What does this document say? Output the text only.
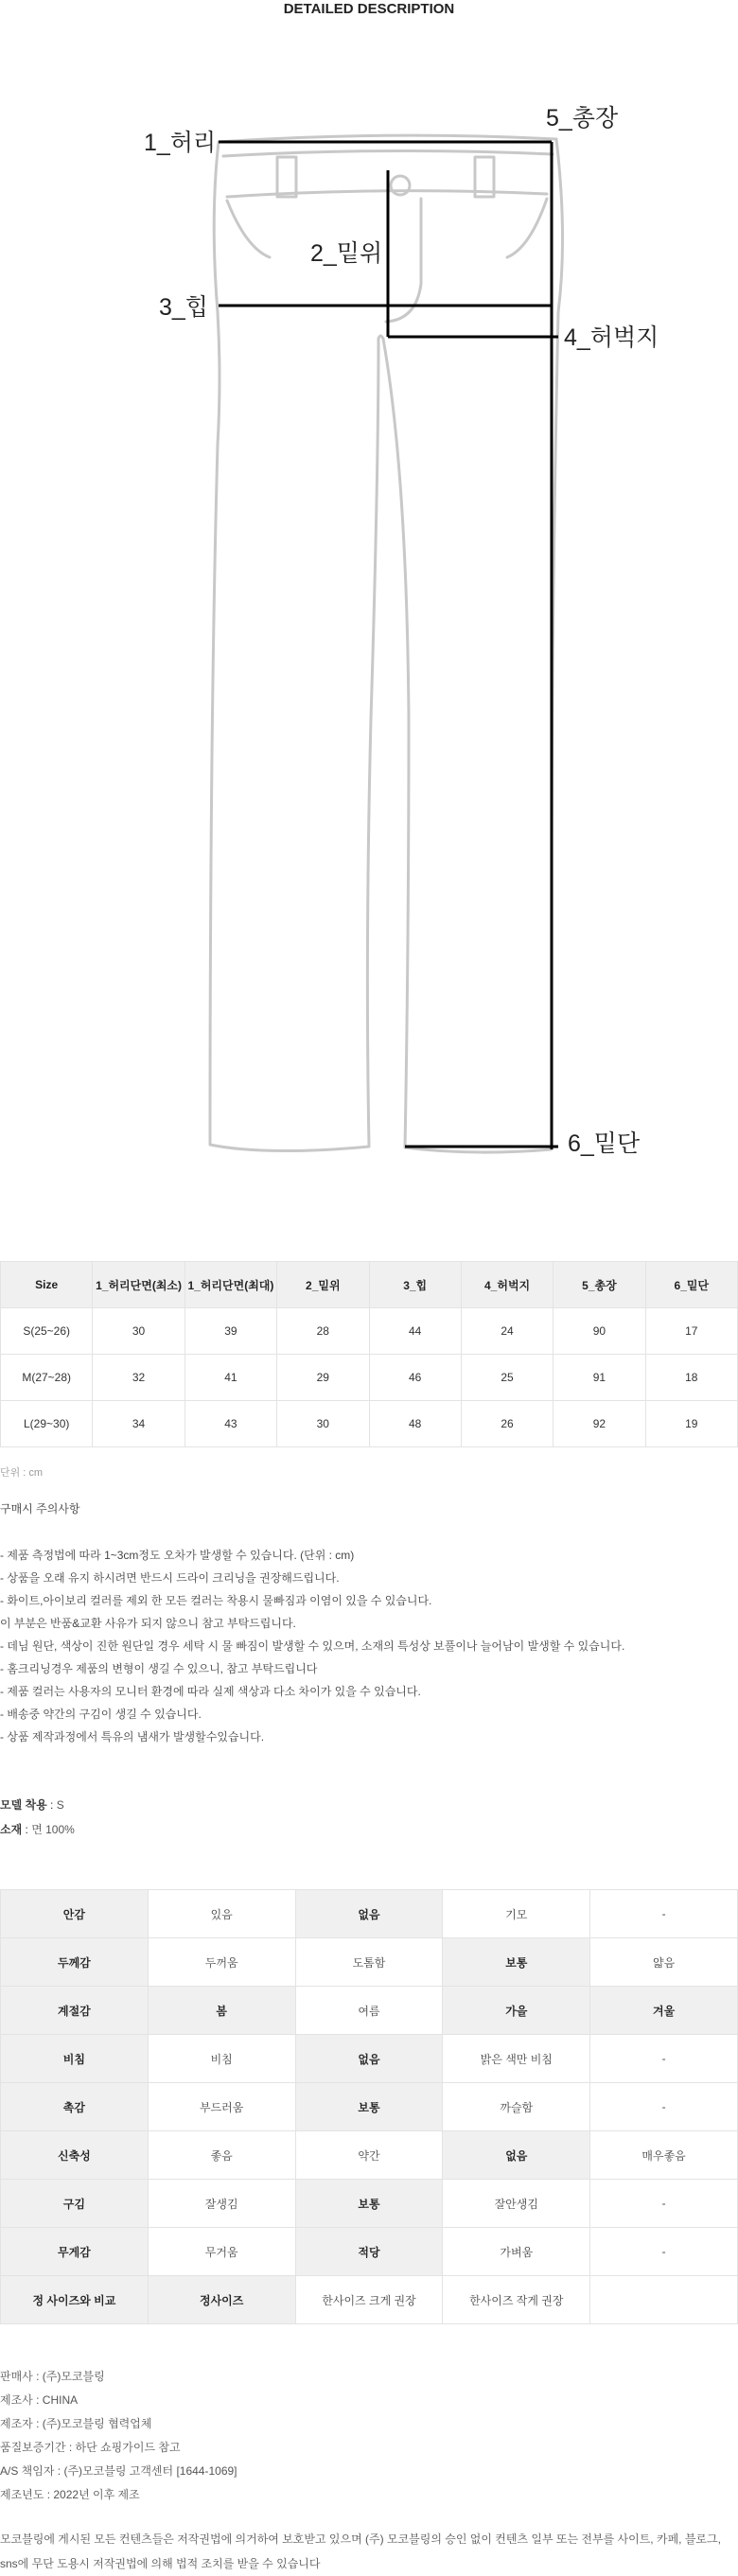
DETAILED DESCRIPTION
1_허리
5_총장
2_밑위
3_힙
4_허벅지
6_밑단
Size	1_허리단면(최소)	1_허리단면(최대)	2_밑위	3_힙	4_허벅지	5_총장	6_밑단
S(25~26)	30	39	28	44	24	90	17
M(27~28)	32	41	29	46	25	91	18
L(29~30)	34	43	30	48	26	92	19
단위 : cm
구매시 주의사항
- 제품 측정법에 따라 1~3cm정도 오차가 발생할 수 있습니다. (단위 : cm)
- 상품을 오래 유지 하시려면 반드시 드라이 크리닝을 권장해드립니다.
- 화이트,아이보리 컬러를 제외 한 모든 컬러는 착용시 물빠짐과 이염이 있을 수 있습니다.
이 부분은 반품&교환 사유가 되지 않으니 참고 부탁드립니다.
- 데님 원단, 색상이 진한 원단일 경우 세탁 시 물 빠짐이 발생할 수 있으며, 소재의 특성상 보풀이나 늘어남이 발생할 수 있습니다.
- 홈크리닝경우 제품의 변형이 생길 수 있으니, 참고 부탁드립니다
- 제품 컬러는 사용자의 모니터 환경에 따라 실제 색상과 다소 차이가 있을 수 있습니다.
- 배송중 약간의 구김이 생길 수 있습니다.
- 상품 제작과정에서 특유의 냄새가 발생할수있습니다.
모델 착용 : S
소재 : 면 100%
안감	있음	없음	기모	-
두께감	두꺼움	도톰함	보통	얇음
계절감	봄	여름	가을	겨울
비침	비침	없음	밝은 색만 비침	-
촉감	부드러움	보통	까슬함	-
신축성	좋음	약간	없음	매우좋음
구김	잘생김	보통	잘안생김	-
무게감	무거움	적당	가벼움	-
정 사이즈와 비교	정사이즈	한사이즈 크게 권장	한사이즈 작게 권장	
판매사 : (주)모코블링
제조사 : CHINA
제조자 : (주)모코블링 협력업체
품질보증기간 : 하단 쇼핑가이드 참고
A/S 책임자 : (주)모코블링 고객센터 [1644-1069]
제조년도 : 2022년 이후 제조
모코블링에 게시된 모든 컨텐츠들은 저작권법에 의거하여 보호받고 있으며 (주) 모코블링의 승인 없이 컨텐츠 일부 또는 전부를 사이트, 카페, 블로그, sns에 무단 도용시 저작권법에 의해 법적 조치를 받을 수 있습니다
